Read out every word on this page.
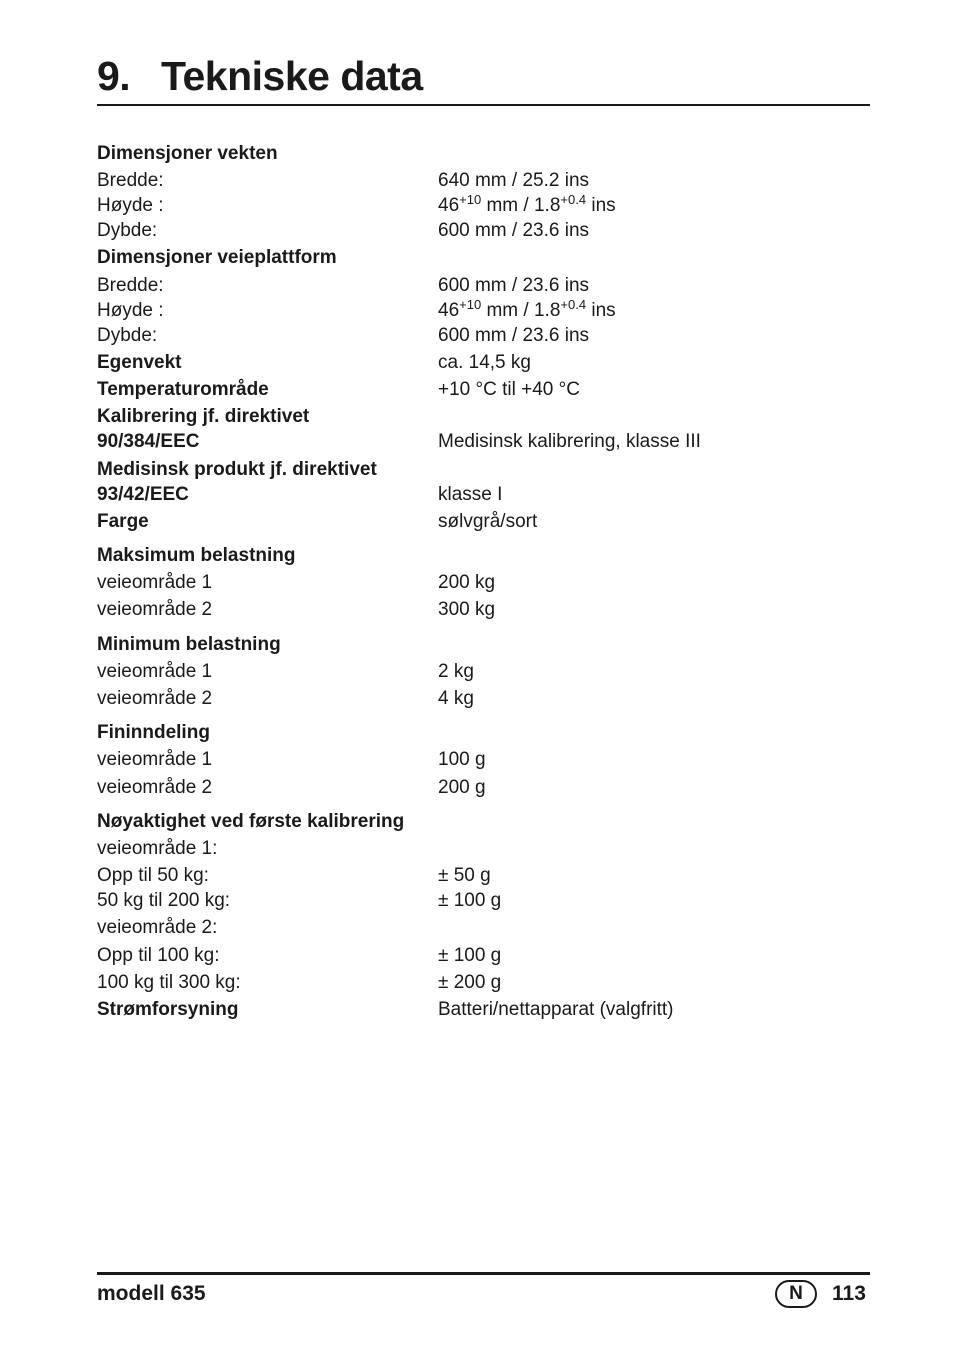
9. Tekniske data
Dimensjoner vekten
Bredde:	640 mm / 25.2 ins
Høyde :	$46^{+10}$ mm / $1.8^{+0.4}$ ins
Dybde:	600 mm / 23.6 ins
Dimensjoner veieplattform
Bredde:	600 mm / 23.6 ins
Høyde :	$46^{+10}$ mm / $1.8^{+0.4}$ ins
Dybde:	600 mm / 23.6 ins
Egenvekt	ca. 14,5 kg
Temperaturområde	+10 °C til +40 °C
Kalibrering jf. direktivet
90/384/EEC	Medisinsk kalibrering, klasse III
Medisinsk produkt jf. direktivet
93/42/EEC	klasse I
Farge	sølvgrå/sort
Maksimum belastning
veieområde 1	200 kg
veieområde 2	300 kg
Minimum belastning
veieområde 1	2 kg
veieområde 2	4 kg
Fininndeling
veieområde 1	100 g
veieområde 2	200 g
Nøyaktighet ved første kalibrering
veieområde 1:
Opp til 50 kg:	± 50 g
50 kg til 200 kg:	± 100 g
veieområde 2:
Opp til 100 kg:	± 100 g
100 kg til 300 kg:	± 200 g
Strømforsyning	Batteri/nettapparat (valgfritt)
modell 635	N	113
